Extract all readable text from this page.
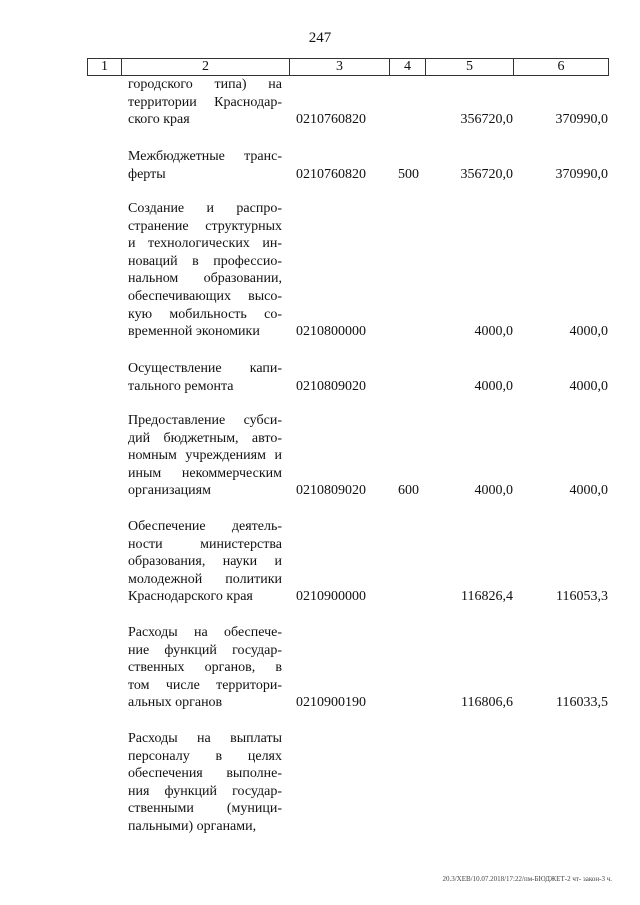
247
1	2	3	4	5	6
городского типа) на
территории Краснодар-
ского края	0210760820	356720,0	370990,0
Межбюджетные транс-
ферты	0210760820 500	356720,0	370990,0
Создание и распро-
странение структурных
и технологических ин-
новаций в профессио-
нальном образовании,
обеспечивающих высо-
кую мобильность со-
временной экономики	0210800000	4000,0	4000,0
Осуществление капи-
тального ремонта	0210809020	4000,0	4000,0
Предоставление субси-
дий бюджетным, авто-
номным учреждениям и
иным некоммерческим
организациям	0210809020 600	4000,0	4000,0
Обеспечение деятель-
ности министерства
образования, науки и
молодежной политики
Краснодарского края	0210900000	116826,4	116053,3
Расходы на обеспече-
ние функций государ-
ственных органов, в
том числе территори-
альных органов	0210900190	116806,6	116033,5
Расходы на выплаты
персоналу в целях
обеспечения выполне-
ния функций государ-
ственными (муници-
пальными) органами,
20.3/XEB/10.07.2018/17:22/пм-БЮДЖЕТ-2 чт- закон-3 ч.
